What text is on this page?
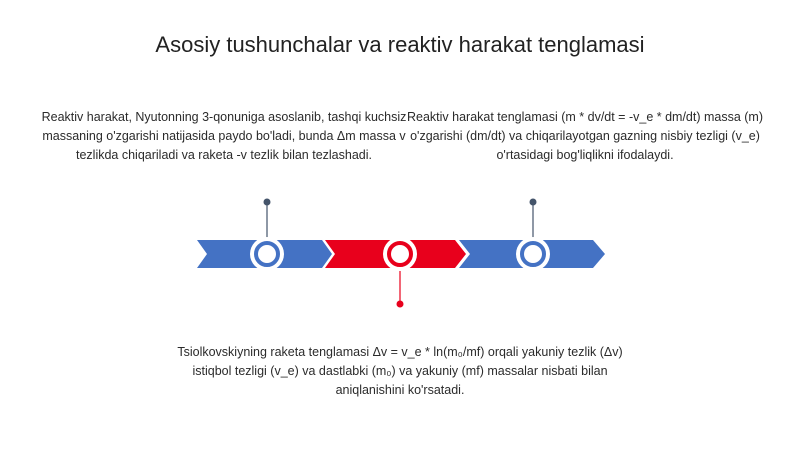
Asosiy tushunchalar va reaktiv harakat tenglamasi
Reaktiv harakat, Nyutonning 3-qonuniga asoslanib, tashqi kuchsiz massaning o'zgarishi natijasida paydo bo'ladi, bunda Δm massa v tezlikda chiqariladi va raketa -v tezlik bilan tezlashadi.
Reaktiv harakat tenglamasi (m * dv/dt = -v_e * dm/dt) massa (m) o'zgarishi (dm/dt) va chiqarilayotgan gazning nisbiy tezligi (v_e) o'rtasidagi bog'liqlikni ifodalaydi.
Tsiolkovskiyning raketa tenglamasi Δv = v_e * ln(m₀/mf) orqali yakuniy tezlik (Δv) istiqbol tezligi (v_e) va dastlabki (m₀) va yakuniy (mf) massalar nisbati bilan aniqlanishini ko'rsatadi.
